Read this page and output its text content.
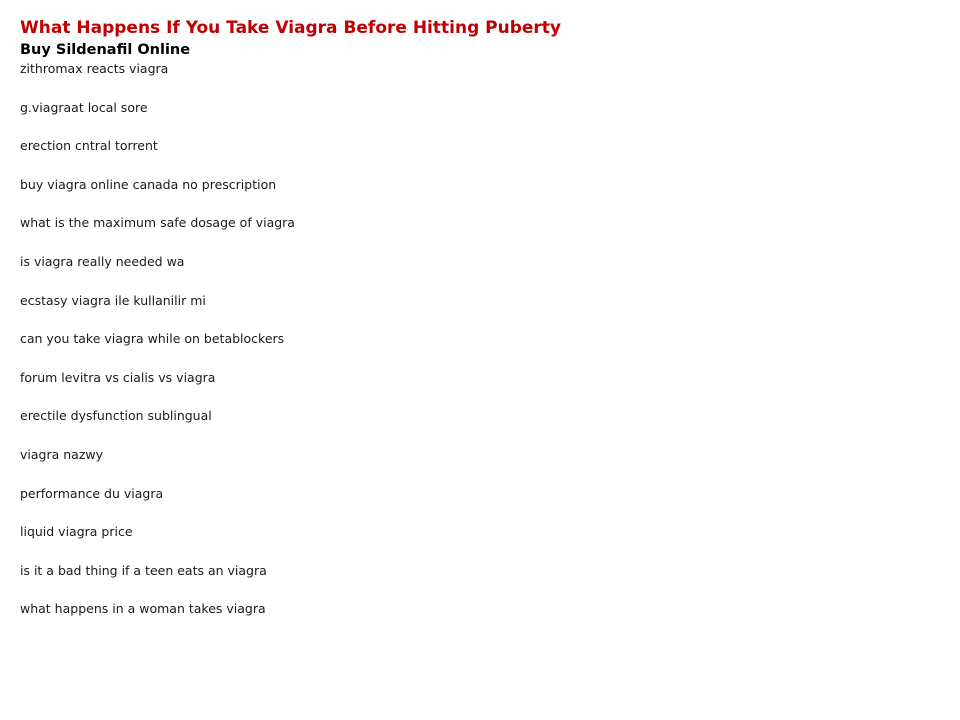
What Happens If You Take Viagra Before Hitting Puberty
Buy Sildenafil Online
zithromax reacts viagra
g.viagraat local sore
erection cntral torrent
buy viagra online canada no prescription
what is the maximum safe dosage of viagra
is viagra really needed wa
ecstasy viagra ile kullanilir mi
can you take viagra while on betablockers
forum levitra vs cialis vs viagra
erectile dysfunction sublingual
viagra nazwy
performance du viagra
liquid viagra price
is it a bad thing if a teen eats an viagra
what happens in a woman takes viagra
